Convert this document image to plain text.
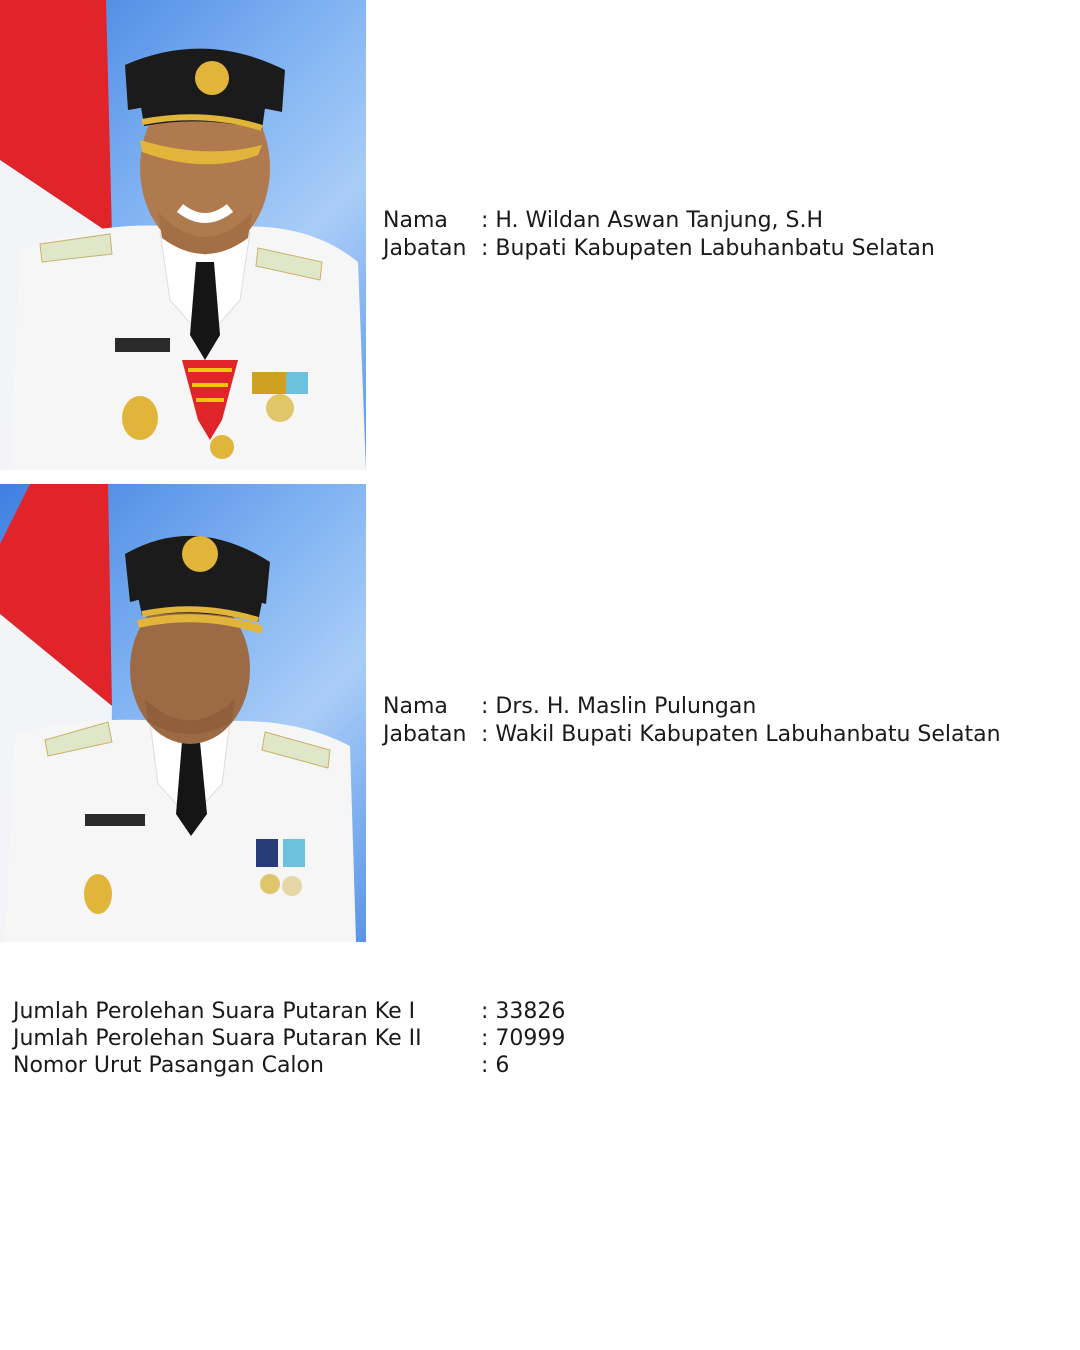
Nama	: H. Wildan Aswan Tanjung, S.H
Jabatan : Bupati Kabupaten Labuhanbatu Selatan
Nama	: Drs. H. Maslin Pulungan
Jabatan : Wakil Bupati Kabupaten Labuhanbatu Selatan
Jumlah Perolehan Suara Putaran Ke I	: 33826
Jumlah Perolehan Suara Putaran Ke II	: 70999
Nomor Urut Pasangan Calon	: 6
